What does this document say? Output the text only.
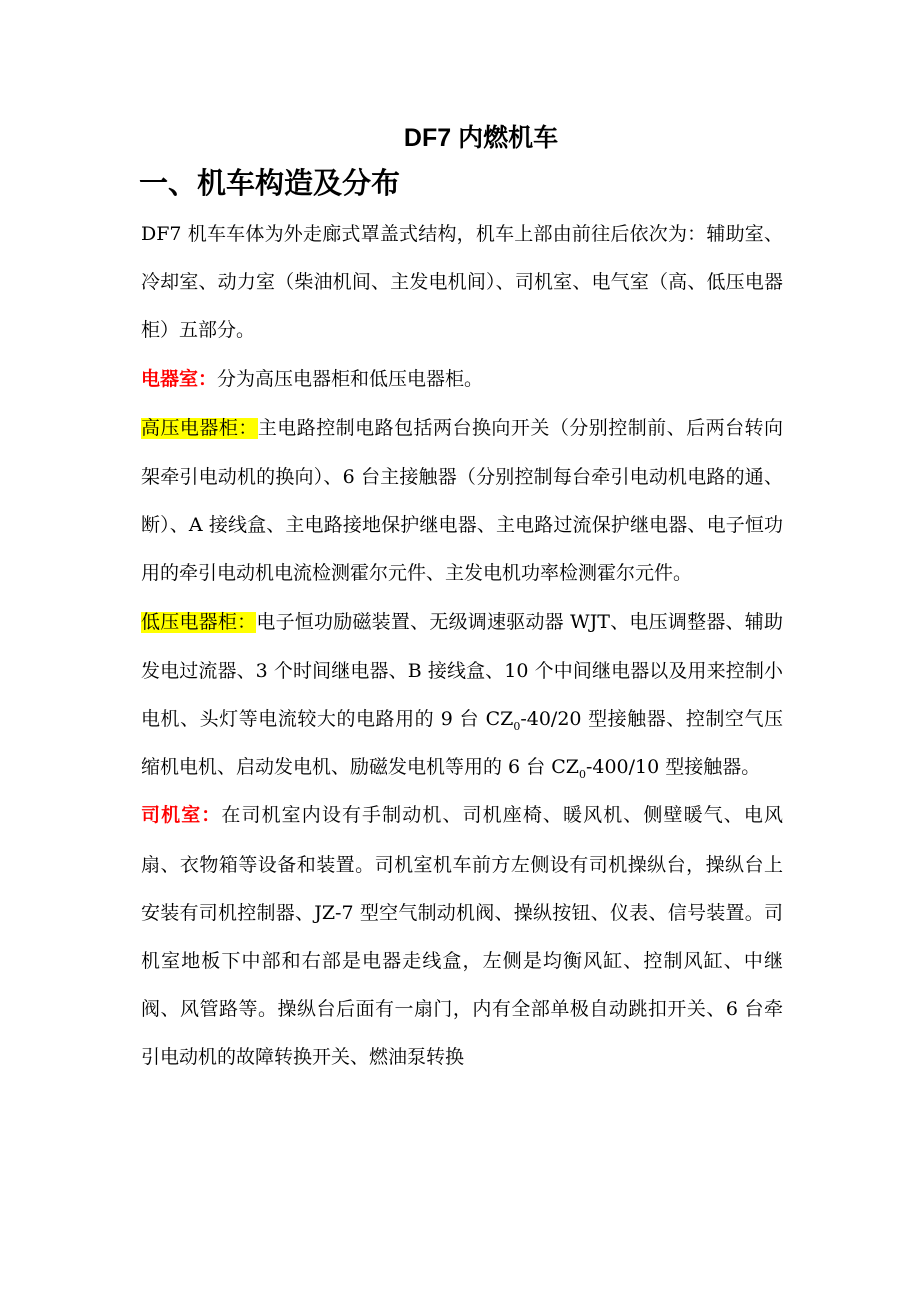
DF7 内燃机车
一、机车构造及分布

DF7 机车车体为外走廊式罩盖式结构，机车上部由前往后依次为：辅助室、冷却室、动力室（柴油机间、主发电机间）、司机室、电气室（高、低压电器柜）五部分。

电器室：分为高压电器柜和低压电器柜。

高压电器柜：主电路控制电路包括两台换向开关（分别控制前、后两台转向架牵引电动机的换向）、6 台主接触器（分别控制每台牵引电动机电路的通、断）、A 接线盒、主电路接地保护继电器、主电路过流保护继电器、电子恒功用的牵引电动机电流检测霍尔元件、主发电机功率检测霍尔元件。

低压电器柜：电子恒功励磁装置、无级调速驱动器 WJT、电压调整器、辅助发电过流器、3 个时间继电器、B 接线盒、10 个中间继电器以及用来控制小电机、头灯等电流较大的电路用的 9 台 $CZ_0-40/20$ 型接触器、控制空气压缩机电机、启动发电机、励磁发电机等用的 6 台 $CZ_0-400/10$ 型接触器。

司机室：在司机室内设有手制动机、司机座椅、暖风机、侧壁暖气、电风扇、衣物箱等设备和装置。司机室机车前方左侧设有司机操纵台，操纵台上安装有司机控制器、JZ-7 型空气制动机阀、操纵按钮、仪表、信号装置。司机室地板下中部和右部是电器走线盒，左侧是均衡风缸、控制风缸、中继阀、风管路等。操纵台后面有一扇门，内有全部单极自动跳扣开关、6 台牵引电动机的故障转换开关、燃油泵转换
